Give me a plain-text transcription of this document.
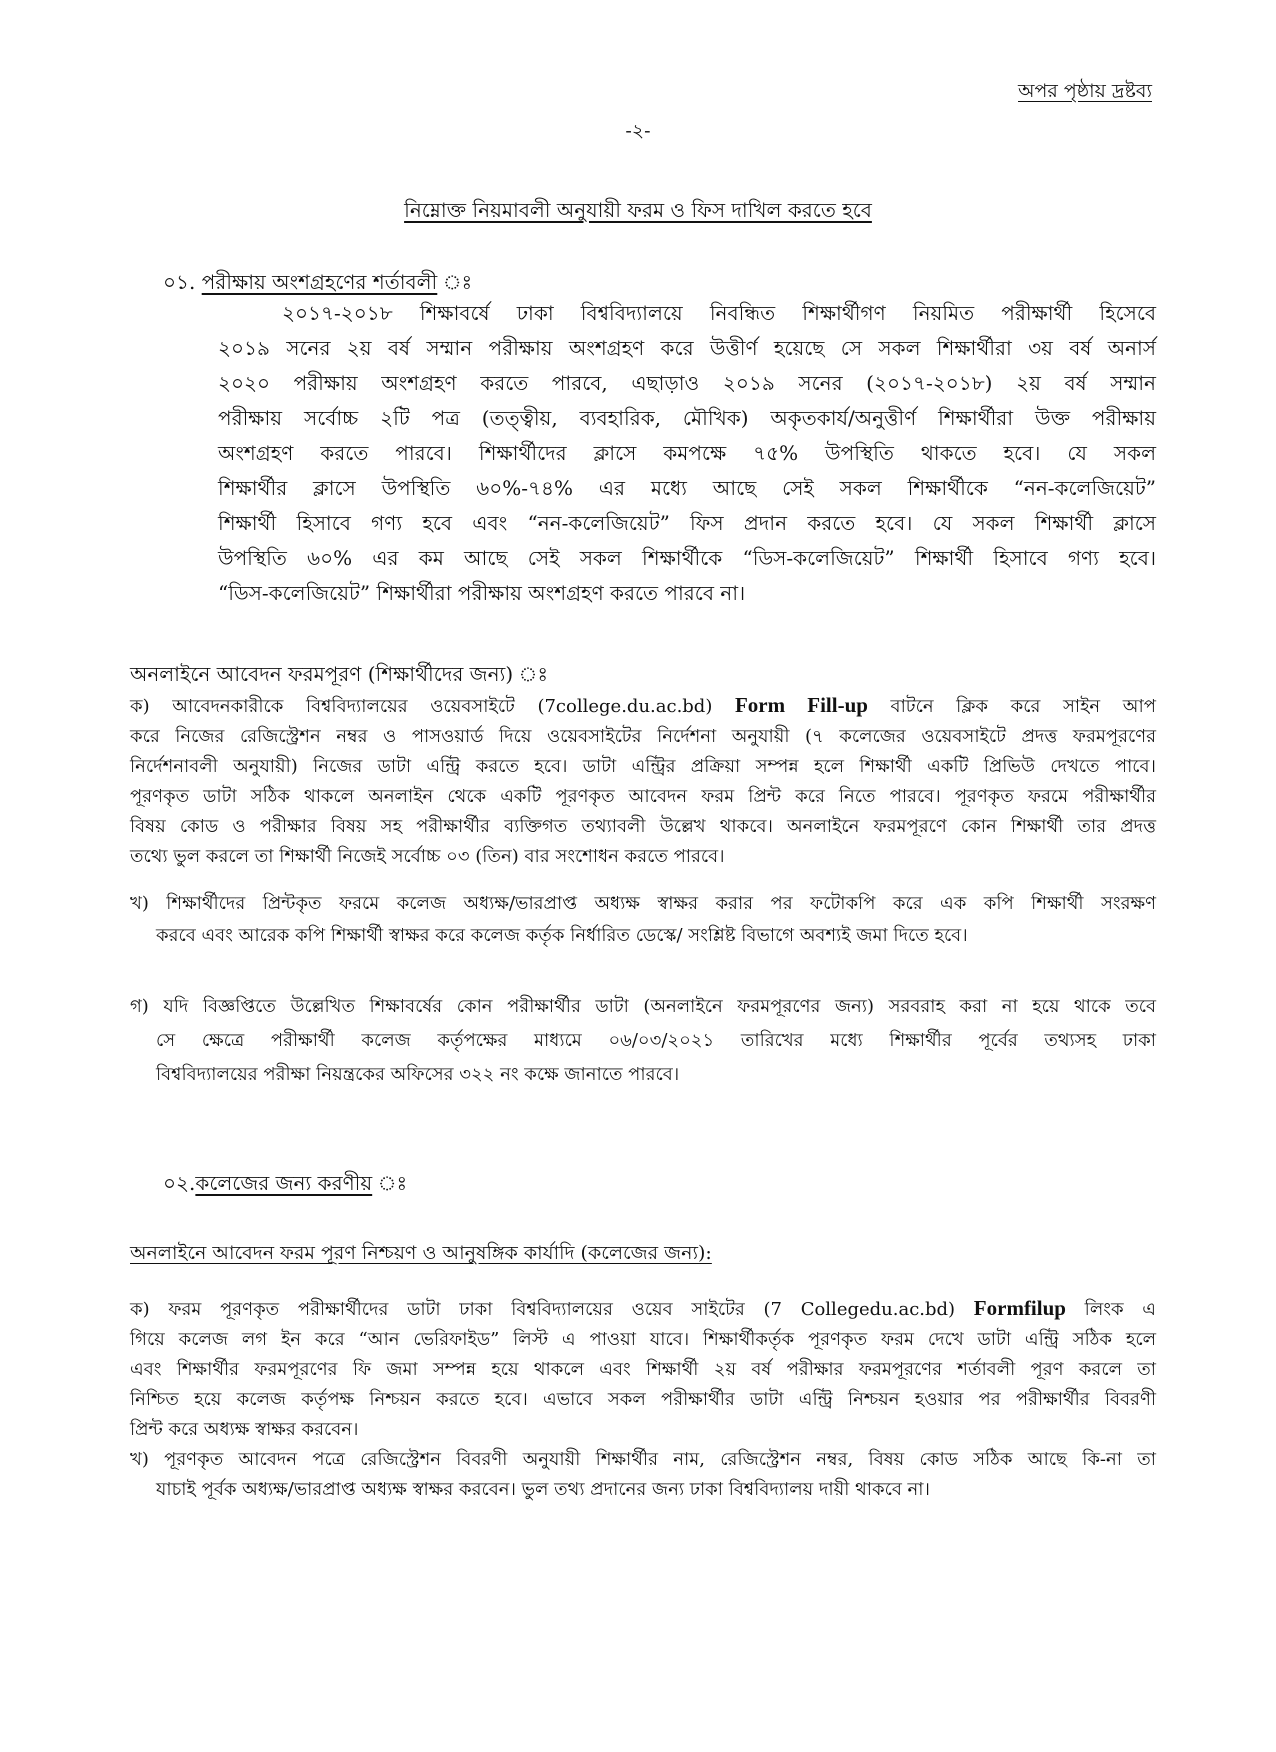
অপর পৃষ্ঠায় দ্রষ্টব্য
-২-
নিম্নোক্ত নিয়মাবলী অনুযায়ী ফরম ও ফিস দাখিল করতে হবে
০১. পরীক্ষায় অংশগ্রহণের শর্তাবলী ঃ
২০১৭-২০১৮ শিক্ষাবর্ষে ঢাকা বিশ্ববিদ্যালয়ে নিবন্ধিত শিক্ষার্থীগণ নিয়মিত পরীক্ষার্থী হিসেবে
২০১৯ সনের ২য় বর্ষ সম্মান পরীক্ষায় অংশগ্রহণ করে উত্তীর্ণ হয়েছে সে সকল শিক্ষার্থীরা ৩য় বর্ষ অনার্স
২০২০ পরীক্ষায় অংশগ্রহণ করতে পারবে, এছাড়াও ২০১৯ সনের (২০১৭-২০১৮) ২য় বর্ষ সম্মান
পরীক্ষায় সর্বোচ্চ ২টি পত্র (তত্ত্বীয়, ব্যবহারিক, মৌখিক) অকৃতকার্য/অনুত্তীর্ণ শিক্ষার্থীরা উক্ত পরীক্ষায়
অংশগ্রহণ করতে পারবে। শিক্ষার্থীদের ক্লাসে কমপক্ষে ৭৫% উপস্থিতি থাকতে হবে। যে সকল
শিক্ষার্থীর ক্লাসে উপস্থিতি ৬০%-৭৪% এর মধ্যে আছে সেই সকল শিক্ষার্থীকে “নন-কলেজিয়েট”
শিক্ষার্থী হিসাবে গণ্য হবে এবং “নন-কলেজিয়েট” ফিস প্রদান করতে হবে। যে সকল শিক্ষার্থী ক্লাসে
উপস্থিতি ৬০% এর কম আছে সেই সকল শিক্ষার্থীকে “ডিস-কলেজিয়েট” শিক্ষার্থী হিসাবে গণ্য হবে।
“ডিস-কলেজিয়েট” শিক্ষার্থীরা পরীক্ষায় অংশগ্রহণ করতে পারবে না।
অনলাইনে আবেদন ফরমপূরণ (শিক্ষার্থীদের জন্য) ঃ
ক) আবেদনকারীকে বিশ্ববিদ্যালয়ের ওয়েবসাইটে (7college.du.ac.bd) Form Fill-up বাটনে ক্লিক করে সাইন আপ
করে নিজের রেজিস্ট্রেশন নম্বর ও পাসওয়ার্ড দিয়ে ওয়েবসাইটের নির্দেশনা অনুযায়ী (৭ কলেজের ওয়েবসাইটে প্রদত্ত ফরমপূরণের
নির্দেশনাবলী অনুযায়ী) নিজের ডাটা এন্ট্রি করতে হবে। ডাটা এন্ট্রির প্রক্রিয়া সম্পন্ন হলে শিক্ষার্থী একটি প্রিভিউ দেখতে পাবে।
পূরণকৃত ডাটা সঠিক থাকলে অনলাইন থেকে একটি পূরণকৃত আবেদন ফরম প্রিন্ট করে নিতে পারবে। পূরণকৃত ফরমে পরীক্ষার্থীর
বিষয় কোড ও পরীক্ষার বিষয় সহ পরীক্ষার্থীর ব্যক্তিগত তথ্যাবলী উল্লেখ থাকবে। অনলাইনে ফরমপূরণে কোন শিক্ষার্থী তার প্রদত্ত
তথ্যে ভুল করলে তা শিক্ষার্থী নিজেই সর্বোচ্চ ০৩ (তিন) বার সংশোধন করতে পারবে।
খ) শিক্ষার্থীদের প্রিন্টকৃত ফরমে কলেজ অধ্যক্ষ/ভারপ্রাপ্ত অধ্যক্ষ স্বাক্ষর করার পর ফটোকপি করে এক কপি শিক্ষার্থী সংরক্ষণ
করবে এবং আরেক কপি শিক্ষার্থী স্বাক্ষর করে কলেজ কর্তৃক নির্ধারিত ডেস্কে/ সংশ্লিষ্ট বিভাগে অবশ্যই জমা দিতে হবে।
গ) যদি বিজ্ঞপ্তিতে উল্লেখিত শিক্ষাবর্ষের কোন পরীক্ষার্থীর ডাটা (অনলাইনে ফরমপূরণের জন্য) সরবরাহ করা না হয়ে থাকে তবে
সে ক্ষেত্রে পরীক্ষার্থী কলেজ কর্তৃপক্ষের মাধ্যমে ০৬/০৩/২০২১ তারিখের মধ্যে শিক্ষার্থীর পূর্বের তথ্যসহ ঢাকা
বিশ্ববিদ্যালয়ের পরীক্ষা নিয়ন্ত্রকের অফিসের ৩২২ নং কক্ষে জানাতে পারবে।
০২.কলেজের জন্য করণীয় ঃ
অনলাইনে আবেদন ফরম পূরণ নিশ্চয়ণ ও আনুষঙ্গিক কার্যাদি (কলেজের জন্য):
ক) ফরম পূরণকৃত পরীক্ষার্থীদের ডাটা ঢাকা বিশ্ববিদ্যালয়ের ওয়েব সাইটের (7 Collegedu.ac.bd) Formfilup লিংক এ
গিয়ে কলেজ লগ ইন করে “আন ভেরিফাইড” লিস্ট এ পাওয়া যাবে। শিক্ষার্থীকর্তৃক পূরণকৃত ফরম দেখে ডাটা এন্ট্রি সঠিক হলে
এবং শিক্ষার্থীর ফরমপূরণের ফি জমা সম্পন্ন হয়ে থাকলে এবং শিক্ষার্থী ২য় বর্ষ পরীক্ষার ফরমপূরণের শর্তাবলী পূরণ করলে তা
নিশ্চিত হয়ে কলেজ কর্তৃপক্ষ নিশ্চয়ন করতে হবে। এভাবে সকল পরীক্ষার্থীর ডাটা এন্ট্রি নিশ্চয়ন হওয়ার পর পরীক্ষার্থীর বিবরণী
প্রিন্ট করে অধ্যক্ষ স্বাক্ষর করবেন।
খ) পূরণকৃত আবেদন পত্রে রেজিস্ট্রেশন বিবরণী অনুযায়ী শিক্ষার্থীর নাম, রেজিস্ট্রেশন নম্বর, বিষয় কোড সঠিক আছে কি-না তা
যাচাই পূর্বক অধ্যক্ষ/ভারপ্রাপ্ত অধ্যক্ষ স্বাক্ষর করবেন। ভুল তথ্য প্রদানের জন্য ঢাকা বিশ্ববিদ্যালয় দায়ী থাকবে না।
